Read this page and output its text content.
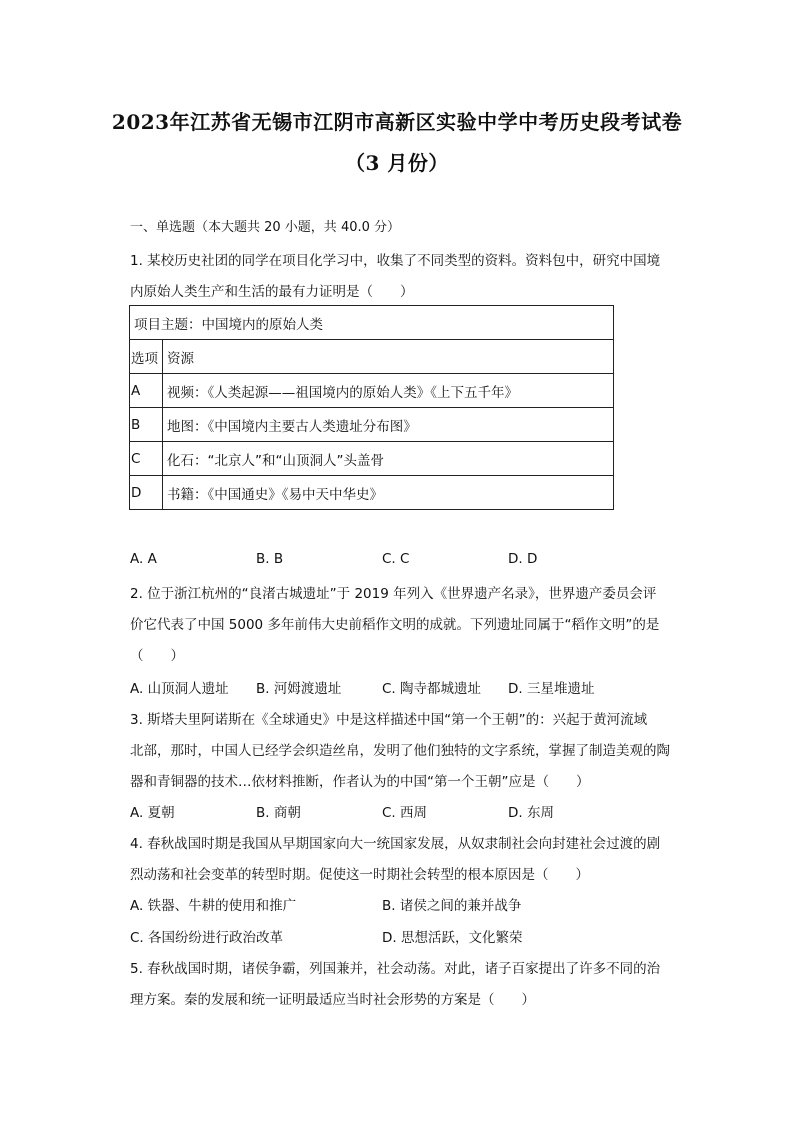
2023年江苏省无锡市江阴市高新区实验中学中考历史段考试卷
（3 月份）
一、单选题（本大题共 20 小题，共 40.0 分）
1. 某校历史社团的同学在项目化学习中，收集了不同类型的资料。资料包中，研究中国境
内原始人类生产和生活的最有力证明是（　　）
项目主题：中国境内的原始人类	
选项	资源
A	视频：《人类起源——祖国境内的原始人类》《上下五千年》
B	地图：《中国境内主要古人类遗址分布图》
C	化石：“北京人”和“山顶洞人”头盖骨
D	书籍：《中国通史》《易中天中华史》
A. A	B. B	C. C	D. D
2. 位于浙江杭州的“良渚古城遗址”于 2019 年列入《世界遗产名录》，世界遗产委员会评
价它代表了中国 5000 多年前伟大史前稻作文明的成就。下列遗址同属于“稻作文明”的是
（　　）
A. 山顶洞人遗址 B. 河姆渡遗址	C. 陶寺都城遗址 D. 三星堆遗址
3. 斯塔夫里阿诺斯在《全球通史》中是这样描述中国“第一个王朝”的：兴起于黄河流域
北部，那时，中国人已经学会织造丝帛，发明了他们独特的文字系统，掌握了制造美观的陶
器和青铜器的技术…依材料推断，作者认为的中国“第一个王朝”应是（　　）
A. 夏朝	B. 商朝	C. 西周	D. 东周
4. 春秋战国时期是我国从早期国家向大一统国家发展，从奴隶制社会向封建社会过渡的剧
烈动荡和社会变革的转型时期。促使这一时期社会转型的根本原因是（　　）
A. 铁器、牛耕的使用和推广	B. 诸侯之间的兼并战争
C. 各国纷纷进行政治改革	D. 思想活跃，文化繁荣
5. 春秋战国时期，诸侯争霸，列国兼并，社会动荡。对此，诸子百家提出了许多不同的治
理方案。秦的发展和统一证明最适应当时社会形势的方案是（　　）
